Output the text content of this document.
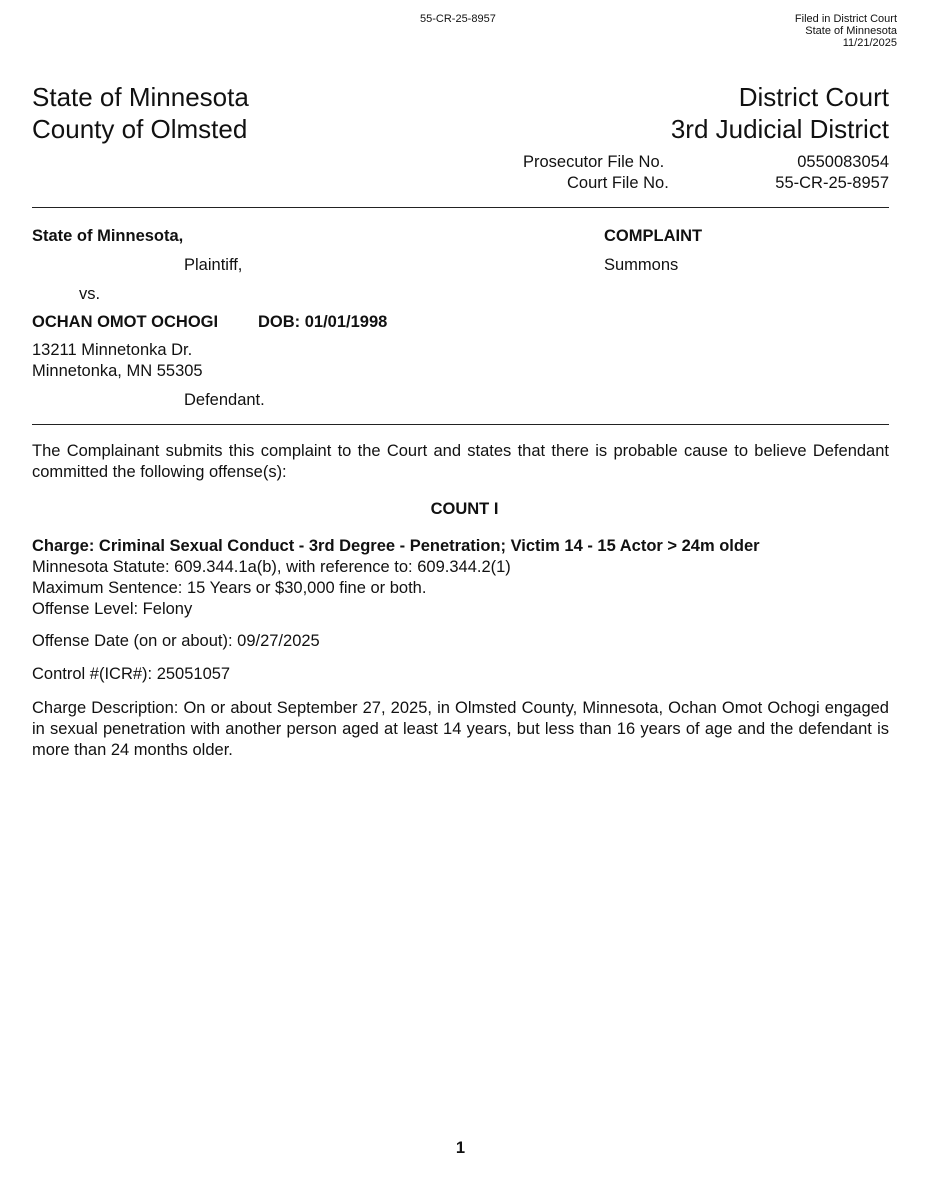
55-CR-25-8957	Filed in District Court
State of Minnesota
11/21/2025
State of Minnesota
County of Olmsted
District Court
3rd Judicial District
Prosecutor File No.	0550083054
Court File No.	55-CR-25-8957
State of Minnesota,
Plaintiff,
vs.
OCHAN OMOT OCHOGI DOB: 01/01/1998
13211 Minnetonka Dr.
Minnetonka, MN 55305
Defendant.
COMPLAINT
Summons
The Complainant submits this complaint to the Court and states that there is probable cause to believe Defendant committed the following offense(s):
COUNT I
Charge: Criminal Sexual Conduct - 3rd Degree - Penetration; Victim 14 - 15 Actor > 24m older
Minnesota Statute: 609.344.1a(b), with reference to: 609.344.2(1)
Maximum Sentence: 15 Years or $30,000 fine or both.
Offense Level: Felony
Offense Date (on or about): 09/27/2025
Control #(ICR#): 25051057
Charge Description: On or about September 27, 2025, in Olmsted County, Minnesota, Ochan Omot Ochogi engaged in sexual penetration with another person aged at least 14 years, but less than 16 years of age and the defendant is more than 24 months older.
1
